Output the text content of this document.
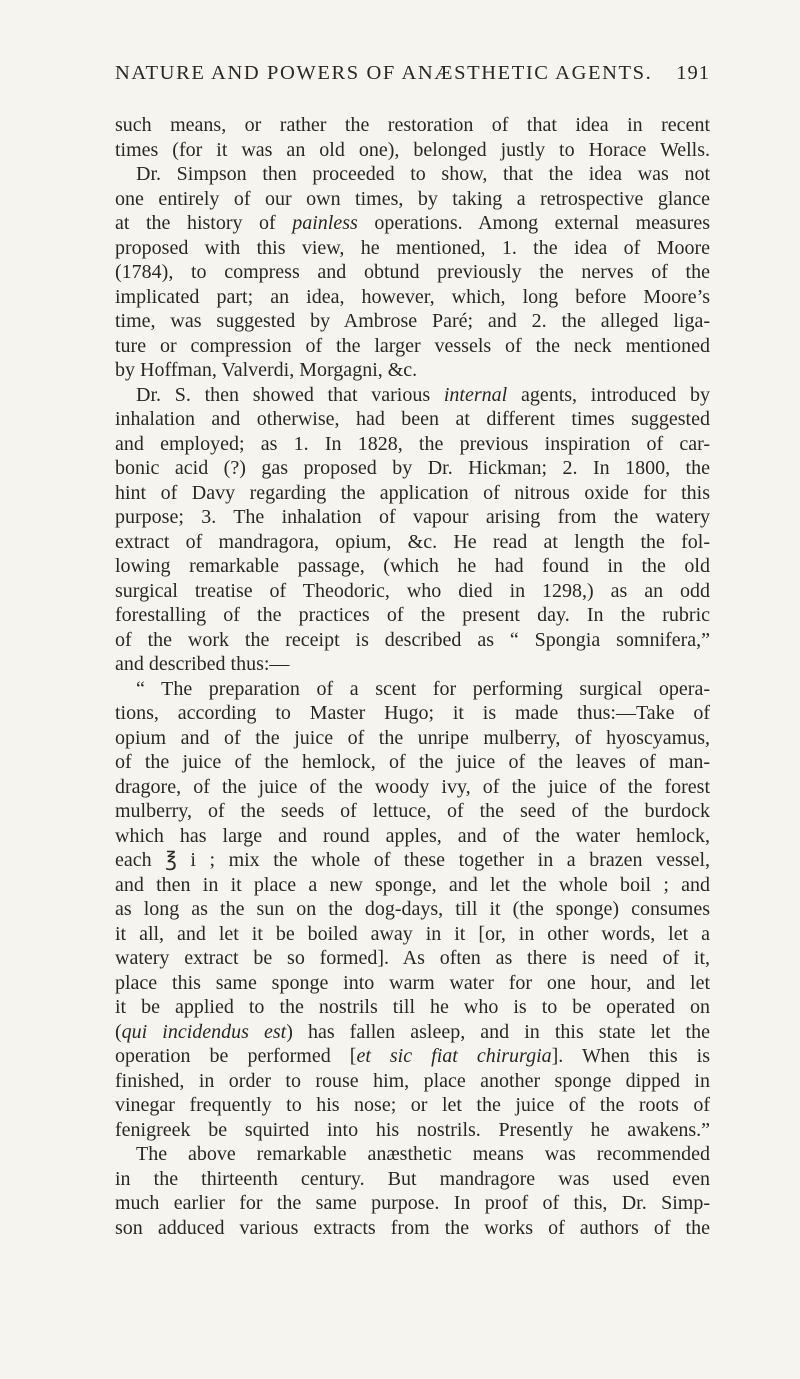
NATURE AND POWERS OF ANÆSTHETIC AGENTS. 191
such means, or rather the restoration of that idea in recent
times (for it was an old one), belonged justly to Horace Wells.
Dr. Simpson then proceeded to show, that the idea was not
one entirely of our own times, by taking a retrospective glance
at the history of painless operations. Among external measures
proposed with this view, he mentioned, 1. the idea of Moore
(1784), to compress and obtund previously the nerves of the
implicated part; an idea, however, which, long before Moore’s
time, was suggested by Ambrose Paré; and 2. the alleged liga-
ture or compression of the larger vessels of the neck mentioned
by Hoffman, Valverdi, Morgagni, &c.
Dr. S. then showed that various internal agents, introduced by
inhalation and otherwise, had been at different times suggested
and employed; as 1. In 1828, the previous inspiration of car-
bonic acid (?) gas proposed by Dr. Hickman; 2. In 1800, the
hint of Davy regarding the application of nitrous oxide for this
purpose; 3. The inhalation of vapour arising from the watery
extract of mandragora, opium, &c. He read at length the fol-
lowing remarkable passage, (which he had found in the old
surgical treatise of Theodoric, who died in 1298,) as an odd
forestalling of the practices of the present day. In the rubric
of the work the receipt is described as “ Spongia somnifera,”
and described thus:—
“ The preparation of a scent for performing surgical opera-
tions, according to Master Hugo; it is made thus:—Take of
opium and of the juice of the unripe mulberry, of hyoscyamus,
of the juice of the hemlock, of the juice of the leaves of man-
dragore, of the juice of the woody ivy, of the juice of the forest
mulberry, of the seeds of lettuce, of the seed of the burdock
which has large and round apples, and of the water hemlock,
each ℥ i ; mix the whole of these together in a brazen vessel,
and then in it place a new sponge, and let the whole boil ; and
as long as the sun on the dog-days, till it (the sponge) consumes
it all, and let it be boiled away in it [or, in other words, let a
watery extract be so formed]. As often as there is need of it,
place this same sponge into warm water for one hour, and let
it be applied to the nostrils till he who is to be operated on
(qui incidendus est) has fallen asleep, and in this state let the
operation be performed [et sic fiat chirurgia]. When this is
finished, in order to rouse him, place another sponge dipped in
vinegar frequently to his nose; or let the juice of the roots of
fenigreek be squirted into his nostrils. Presently he awakens.”
The above remarkable anæsthetic means was recommended
in the thirteenth century. But mandragore was used even
much earlier for the same purpose. In proof of this, Dr. Simp-
son adduced various extracts from the works of authors of the
